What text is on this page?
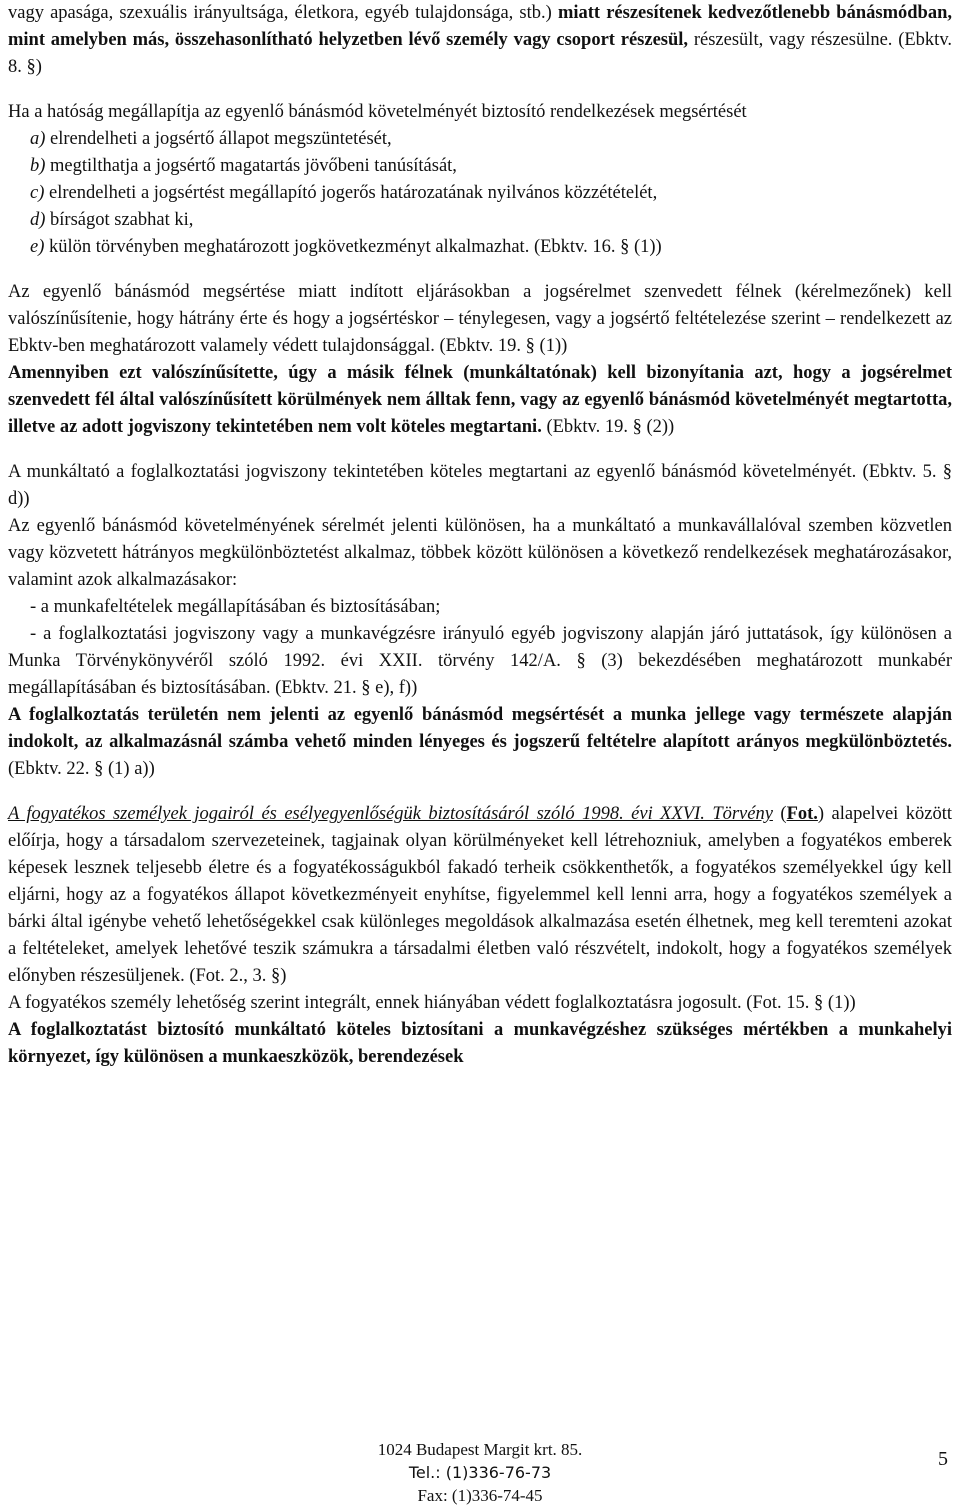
vagy apasága, szexuális irányultsága, életkora, egyéb tulajdonsága, stb.) miatt részesítenek kedvezőtlenebb bánásmódban, mint amelyben más, összehasonlítható helyzetben lévő személy vagy csoport részesül, részesült, vagy részesülne. (Ebktv. 8. §)

Ha a hatóság megállapítja az egyenlő bánásmód követelményét biztosító rendelkezések megsértését

a) elrendelheti a jogsértő állapot megszüntetését,

b) megtilthatja a jogsértő magatartás jövőbeni tanúsítását,

c) elrendelheti a jogsértést megállapító jogerős határozatának nyilvános közzétételét,

d) bírságot szabhat ki,

e) külön törvényben meghatározott jogkövetkezményt alkalmazhat. (Ebktv. 16. § (1))

Az egyenlő bánásmód megsértése miatt indított eljárásokban a jogsérelmet szenvedett félnek (kérelmezőnek) kell valószínűsítenie, hogy hátrány érte és hogy a jogsértéskor – ténylegesen, vagy a jogsértő feltételezése szerint – rendelkezett az Ebktv-ben meghatározott valamely védett tulajdonsággal. (Ebktv. 19. § (1))

Amennyiben ezt valószínűsítette, úgy a másik félnek (munkáltatónak) kell bizonyítania azt, hogy a jogsérelmet szenvedett fél által valószínűsített körülmények nem álltak fenn, vagy az egyenlő bánásmód követelményét megtartotta, illetve az adott jogviszony tekintetében nem volt köteles megtartani. (Ebktv. 19. § (2))

A munkáltató a foglalkoztatási jogviszony tekintetében köteles megtartani az egyenlő bánásmód követelményét. (Ebktv. 5. § d))

Az egyenlő bánásmód követelményének sérelmét jelenti különösen, ha a munkáltató a munkavállalóval szemben közvetlen vagy közvetett hátrányos megkülönböztetést alkalmaz, többek között különösen a következő rendelkezések meghatározásakor, valamint azok alkalmazásakor:

- a munkafeltételek megállapításában és biztosításában;

- a foglalkoztatási jogviszony vagy a munkavégzésre irányuló egyéb jogviszony alapján járó juttatások, így különösen a Munka Törvénykönyvéről szóló 1992. évi XXII. törvény 142/A. § (3) bekezdésében meghatározott munkabér megállapításában és biztosításában. (Ebktv. 21. § e), f))

A foglalkoztatás területén nem jelenti az egyenlő bánásmód megsértését a munka jellege vagy természete alapján indokolt, az alkalmazásnál számba vehető minden lényeges és jogszerű feltételre alapított arányos megkülönböztetés. (Ebktv. 22. § (1) a))

A fogyatékos személyek jogairól és esélyegyenlőségük biztosításáról szóló 1998. évi XXVI. Törvény (Fot.) alapelvei között előírja, hogy a társadalom szervezeteinek, tagjainak olyan körülményeket kell létrehozniuk, amelyben a fogyatékos emberek képesek lesznek teljesebb életre és a fogyatékosságukból fakadó terheik csökkenthetők, a fogyatékos személyekkel úgy kell eljárni, hogy az a fogyatékos állapot következményeit enyhítse, figyelemmel kell lenni arra, hogy a fogyatékos személyek a bárki által igénybe vehető lehetőségekkel csak különleges megoldások alkalmazása esetén élhetnek, meg kell teremteni azokat a feltételeket, amelyek lehetővé teszik számukra a társadalmi életben való részvételt, indokolt, hogy a fogyatékos személyek előnyben részesüljenek. (Fot. 2., 3. §)

A fogyatékos személy lehetőség szerint integrált, ennek hiányában védett foglalkoztatásra jogosult. (Fot. 15. § (1))

A foglalkoztatást biztosító munkáltató köteles biztosítani a munkavégzéshez szükséges mértékben a munkahelyi környezet, így különösen a munkaeszközök, berendezések

1024 Budapest Margit krt. 85.
Tel.: (1)336-76-73
Fax: (1)336-74-45
5
